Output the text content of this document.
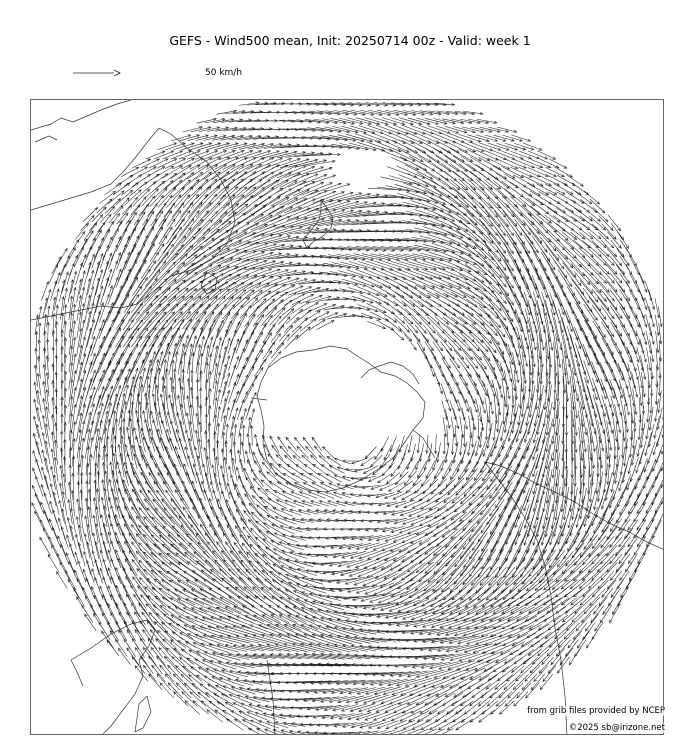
GEFS - Wind500 mean, Init: 20250714 00z - Valid: week 1
50 km/h
from grib files provided by NCEP
©2025 sb@irizone.net
